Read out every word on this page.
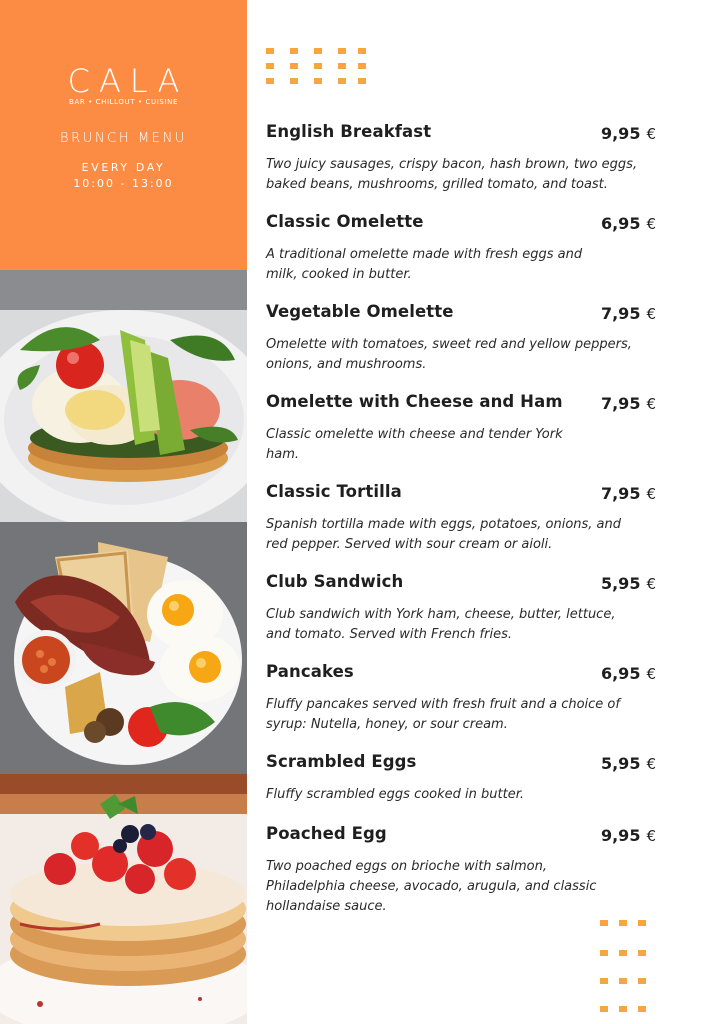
CALA
BAR • CHILLOUT • CUISINE
BRUNCH MENU
EVERY DAY
10:00 - 13:00
English Breakfast	9,95 €
Two juicy sausages, crispy bacon, hash brown, two eggs, baked beans, mushrooms, grilled tomato, and toast.
Classic Omelette	6,95 €
A traditional omelette made with fresh eggs and milk, cooked in butter.
Vegetable Omelette	7,95 €
Omelette with tomatoes, sweet red and yellow peppers, onions, and mushrooms.
Omelette with Cheese and Ham 7,95 €
Classic omelette with cheese and tender York ham.
Classic Tortilla	7,95 €
Spanish tortilla made with eggs, potatoes, onions, and red pepper. Served with sour cream or aioli.
Club Sandwich	5,95 €
Club sandwich with York ham, cheese, butter, lettuce, and tomato. Served with French fries.
Pancakes	6,95 €
Fluffy pancakes served with fresh fruit and a choice of syrup: Nutella, honey, or sour cream.
Scrambled Eggs	5,95 €
Fluffy scrambled eggs cooked in butter.
Poached Egg	9,95 €
Two poached eggs on brioche with salmon, Philadelphia cheese, avocado, arugula, and classic hollandaise sauce.
